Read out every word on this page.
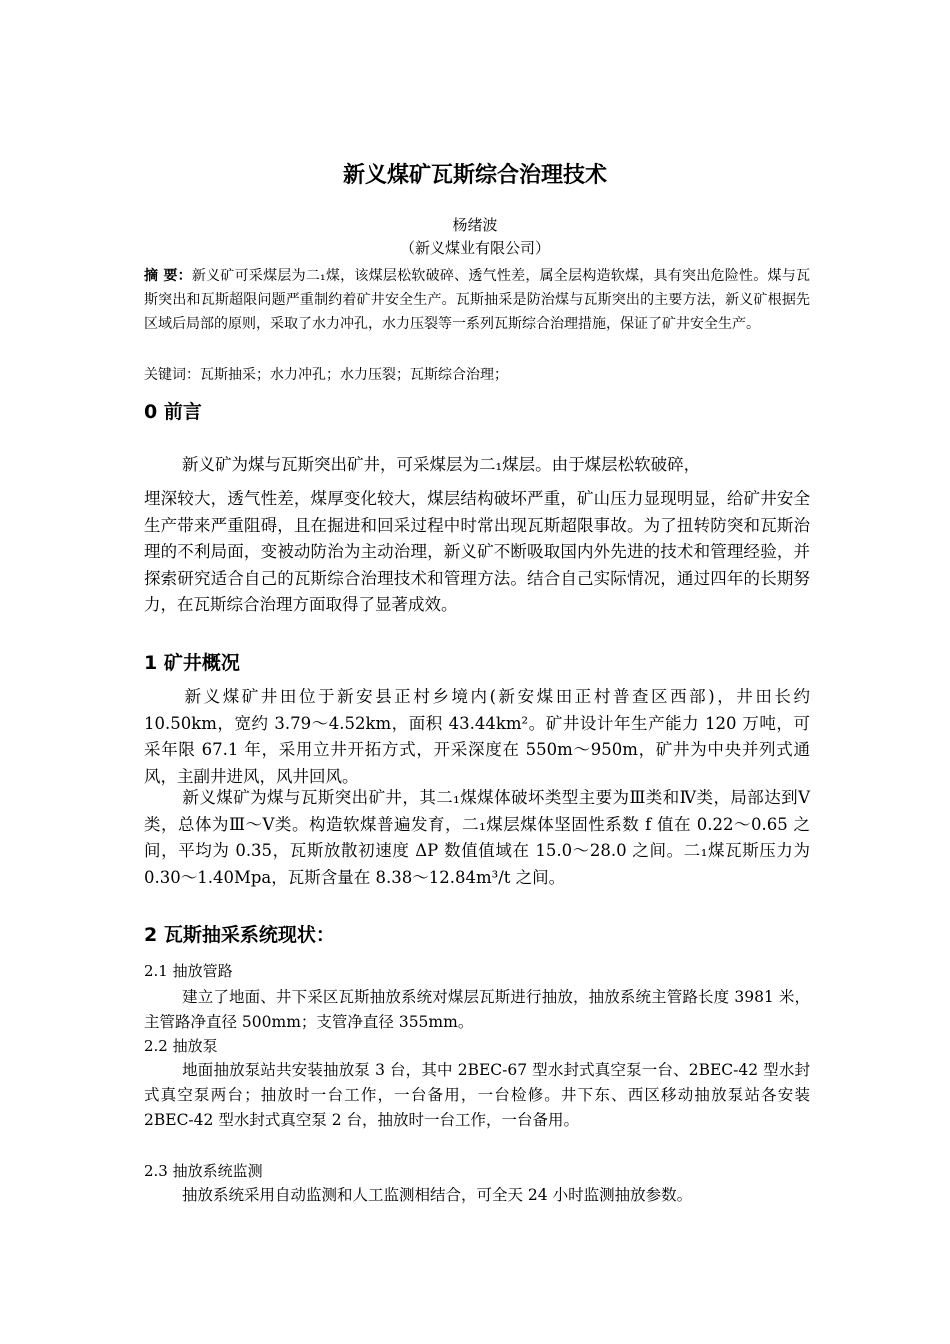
新义煤矿瓦斯综合治理技术
杨绪波
（新义煤业有限公司）
摘 要：新义矿可采煤层为二₁煤，该煤层松软破碎、透气性差，属全层构造软煤，具有突出危险性。煤与瓦斯突出和瓦斯超限问题严重制约着矿井安全生产。瓦斯抽采是防治煤与瓦斯突出的主要方法，新义矿根据先区域后局部的原则，采取了水力冲孔，水力压裂等一系列瓦斯综合治理措施，保证了矿井安全生产。
关键词：瓦斯抽采；水力冲孔；水力压裂；瓦斯综合治理；
0 前言
新义矿为煤与瓦斯突出矿井，可采煤层为二₁煤层。由于煤层松软破碎，
埋深较大，透气性差，煤厚变化较大，煤层结构破坏严重，矿山压力显现明显，给矿井安全生产带来严重阻碍，且在掘进和回采过程中时常出现瓦斯超限事故。为了扭转防突和瓦斯治理的不利局面，变被动防治为主动治理，新义矿不断吸取国内外先进的技术和管理经验，并探索研究适合自己的瓦斯综合治理技术和管理方法。结合自己实际情况，通过四年的长期努力，在瓦斯综合治理方面取得了显著成效。
1 矿井概况
新义煤矿井田位于新安县正村乡境内(新安煤田正村普查区西部)，井田长约 10.50km，宽约 3.79～4.52km，面积 43.44km²。矿井设计年生产能力 120 万吨，可采年限 67.1 年，采用立井开拓方式，开采深度在 550m～950m，矿井为中央并列式通风，主副井进风，风井回风。
新义煤矿为煤与瓦斯突出矿井，其二₁煤煤体破坏类型主要为Ⅲ类和Ⅳ类，局部达到Ⅴ类，总体为Ⅲ～Ⅴ类。构造软煤普遍发育，二₁煤层煤体坚固性系数 f 值在 0.22～0.65 之间，平均为 0.35，瓦斯放散初速度 ΔP 数值值域在 15.0～28.0 之间。二₁煤瓦斯压力为 0.30～1.40Mpa，瓦斯含量在 8.38～12.84m³/t 之间。
2 瓦斯抽采系统现状：
2.1 抽放管路
建立了地面、井下采区瓦斯抽放系统对煤层瓦斯进行抽放，抽放系统主管路长度 3981 米，主管路净直径 500mm；支管净直径 355mm。
2.2 抽放泵
地面抽放泵站共安装抽放泵 3 台，其中 2BEC-67 型水封式真空泵一台、2BEC-42 型水封式真空泵两台；抽放时一台工作，一台备用，一台检修。井下东、西区移动抽放泵站各安装 2BEC-42 型水封式真空泵 2 台，抽放时一台工作，一台备用。
2.3 抽放系统监测
抽放系统采用自动监测和人工监测相结合，可全天 24 小时监测抽放参数。
